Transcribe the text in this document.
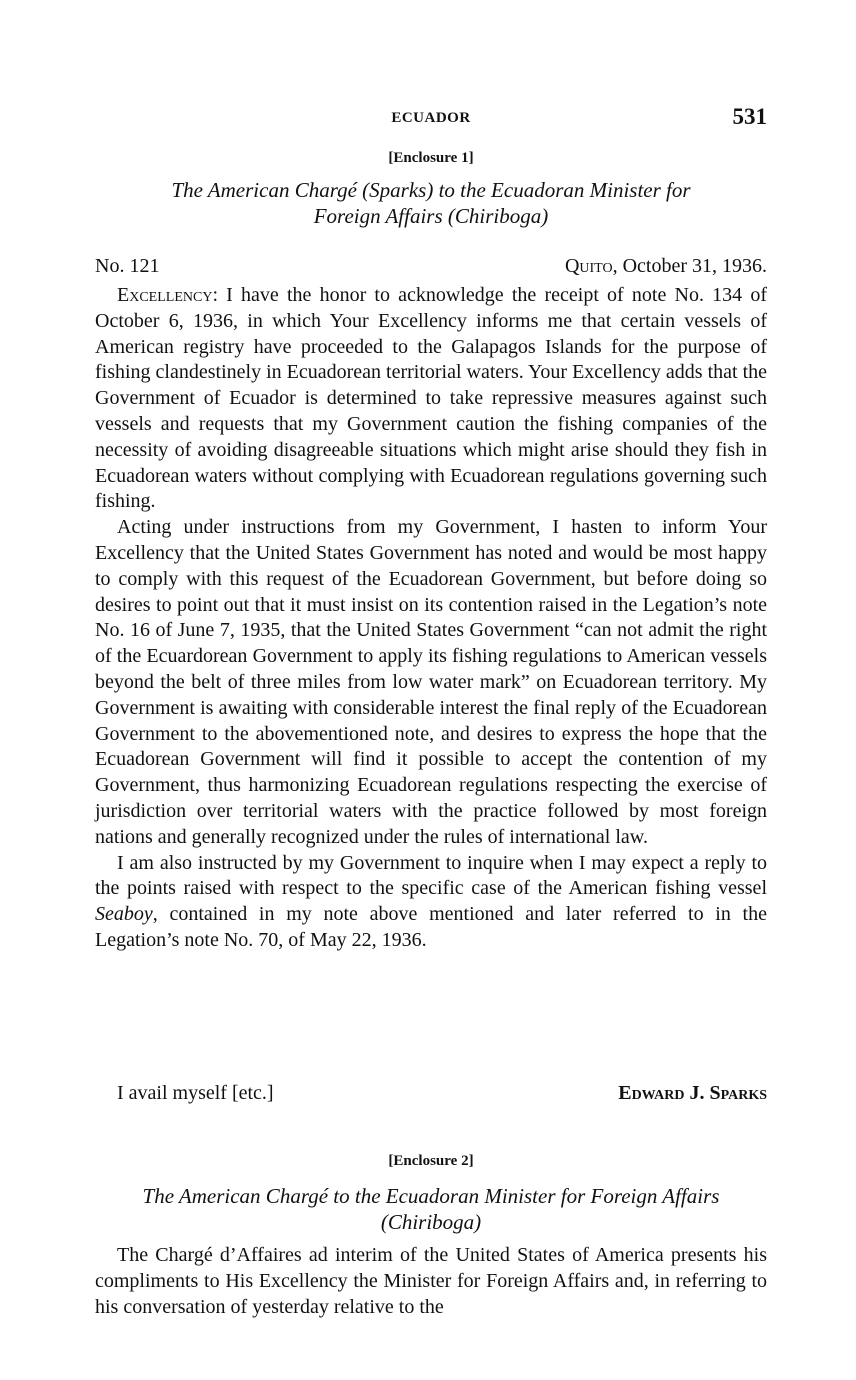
ECUADOR	531
[Enclosure 1]
The American Chargé (Sparks) to the Ecuadoran Minister for
Foreign Affairs (Chiriboga)
No. 121	Quito, October 31, 1936.

Excellency: I have the honor to acknowledge the receipt of note No. 134 of October 6, 1936, in which Your Excellency informs me that certain vessels of American registry have proceeded to the Galapagos Islands for the purpose of fishing clandestinely in Ecuadorean territorial waters. Your Excellency adds that the Government of Ecuador is determined to take repressive measures against such vessels and requests that my Government caution the fishing companies of the necessity of avoiding disagreeable situations which might arise should they fish in Ecuadorean waters without complying with Ecuadorean regulations governing such fishing.

Acting under instructions from my Government, I hasten to inform Your Excellency that the United States Government has noted and would be most happy to comply with this request of the Ecuadorean Government, but before doing so desires to point out that it must insist on its contention raised in the Legation’s note No. 16 of June 7, 1935, that the United States Government “can not admit the right of the Ecuardorean Government to apply its fishing regulations to American vessels beyond the belt of three miles from low water mark” on Ecuadorean territory. My Government is awaiting with considerable interest the final reply of the Ecuadorean Government to the abovementioned note, and desires to express the hope that the Ecuadorean Government will find it possible to accept the contention of my Government, thus harmonizing Ecuadorean regulations respecting the exercise of jurisdiction over territorial waters with the practice followed by most foreign nations and generally recognized under the rules of international law.

I am also instructed by my Government to inquire when I may expect a reply to the points raised with respect to the specific case of the American fishing vessel Seaboy, contained in my note above mentioned and later referred to in the Legation’s note No. 70, of May 22, 1936.

I avail myself [etc.]	Edward J. Sparks
[Enclosure 2]
The American Chargé to the Ecuadoran Minister for Foreign Affairs
(Chiriboga)

The Chargé d’Affaires ad interim of the United States of America presents his compliments to His Excellency the Minister for Foreign Affairs and, in referring to his conversation of yesterday relative to the
